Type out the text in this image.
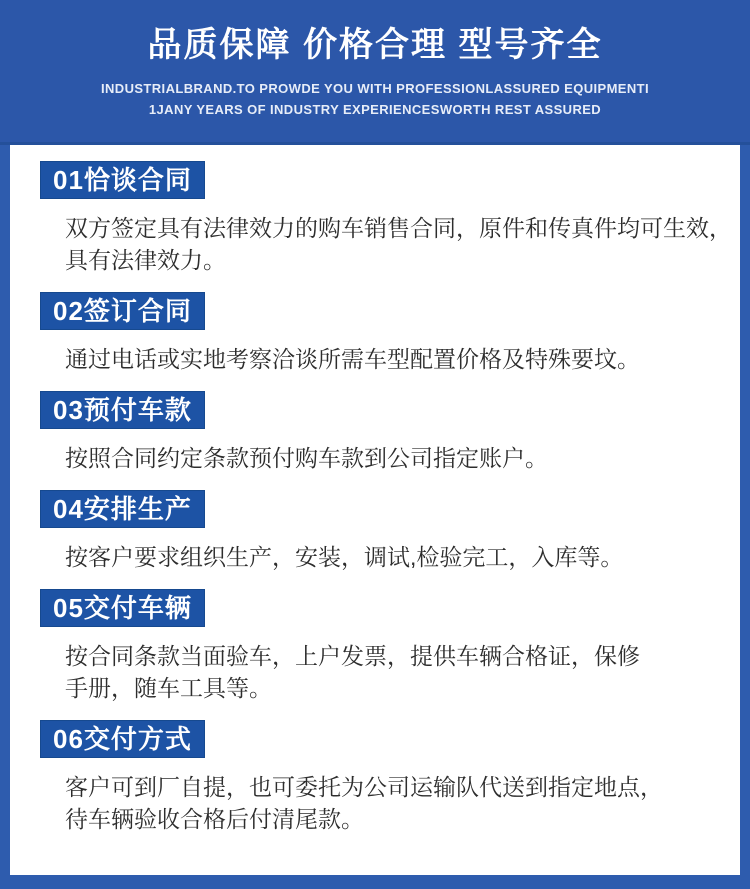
品质保障 价格合理 型号齐全
INDUSTRIALBRAND.TO PROWDE YOU WITH PROFESSIONLASSURED EQUIPMENTI
1JANY YEARS OF INDUSTRY EXPERIENCESWORTH REST ASSURED
01恰谈合同
双方签定具有法律效力的购车销售合同，原件和传真件均可生效，
具有法律效力。
02签订合同
通过电话或实地考察洽谈所需车型配置价格及特殊要坟。
03预付车款
按照合同约定条款预付购车款到公司指定账户。
04安排生产
按客户要求组织生产，安装，调试,检验完工，入库等。
05交付车辆
按合同条款当面验车，上户发票，提供车辆合格证，保修
手册，随车工具等。
06交付方式
客户可到厂自提，也可委托为公司运输队代送到指定地点，
待车辆验收合格后付清尾款。
